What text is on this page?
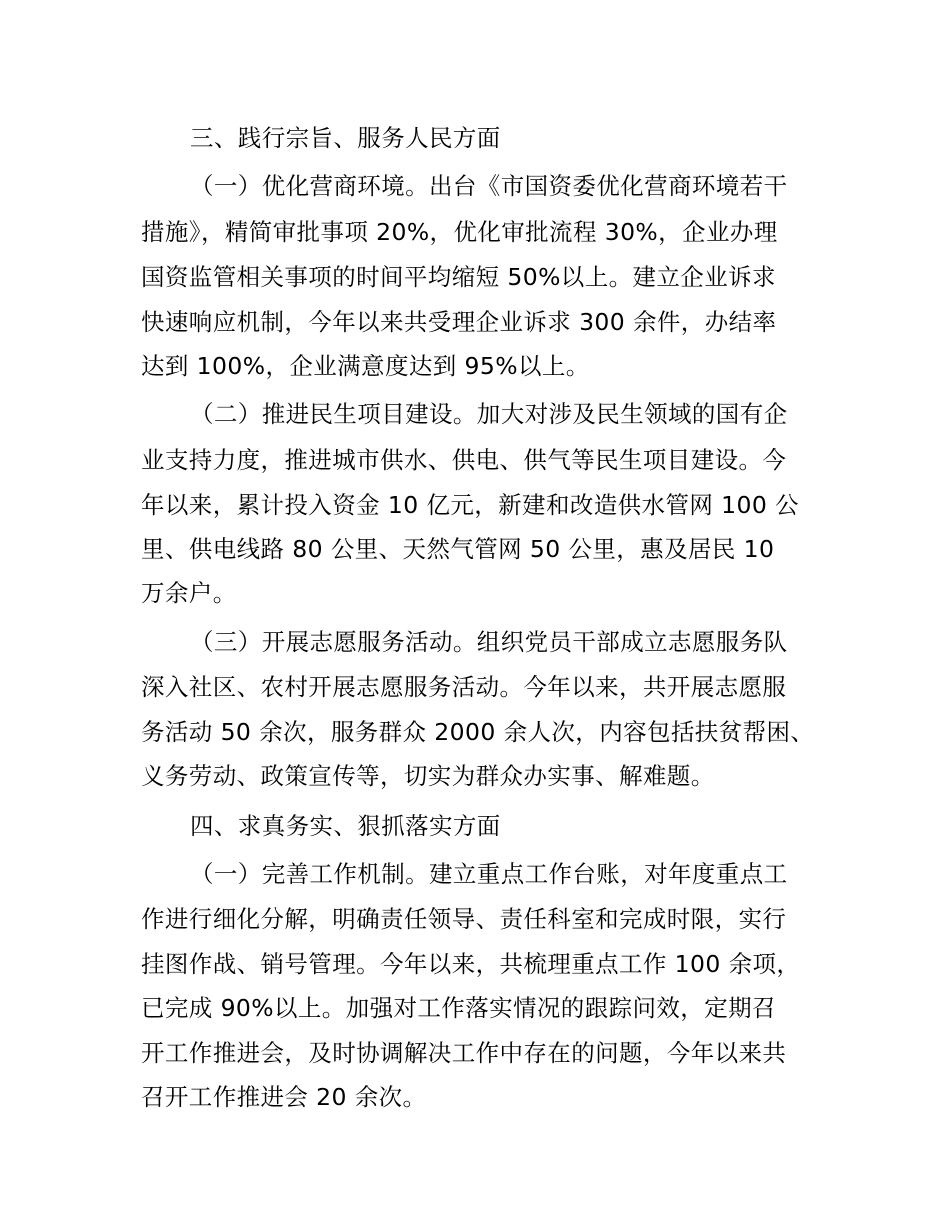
三、践行宗旨、服务人民方面
（一）优化营商环境。出台《市国资委优化营商环境若干
措施》，精简审批事项 20%，优化审批流程 30%，企业办理
国资监管相关事项的时间平均缩短 50%以上。建立企业诉求
快速响应机制，今年以来共受理企业诉求 300 余件，办结率
达到 100%，企业满意度达到 95%以上。
（二）推进民生项目建设。加大对涉及民生领域的国有企
业支持力度，推进城市供水、供电、供气等民生项目建设。今
年以来，累计投入资金 10 亿元，新建和改造供水管网 100 公
里、供电线路 80 公里、天然气管网 50 公里，惠及居民 10
万余户。
（三）开展志愿服务活动。组织党员干部成立志愿服务队
深入社区、农村开展志愿服务活动。今年以来，共开展志愿服
务活动 50 余次，服务群众 2000 余人次，内容包括扶贫帮困、
义务劳动、政策宣传等，切实为群众办实事、解难题。
四、求真务实、狠抓落实方面
（一）完善工作机制。建立重点工作台账，对年度重点工
作进行细化分解，明确责任领导、责任科室和完成时限，实行
挂图作战、销号管理。今年以来，共梳理重点工作 100 余项，
已完成 90%以上。加强对工作落实情况的跟踪问效，定期召
开工作推进会，及时协调解决工作中存在的问题，今年以来共
召开工作推进会 20 余次。
